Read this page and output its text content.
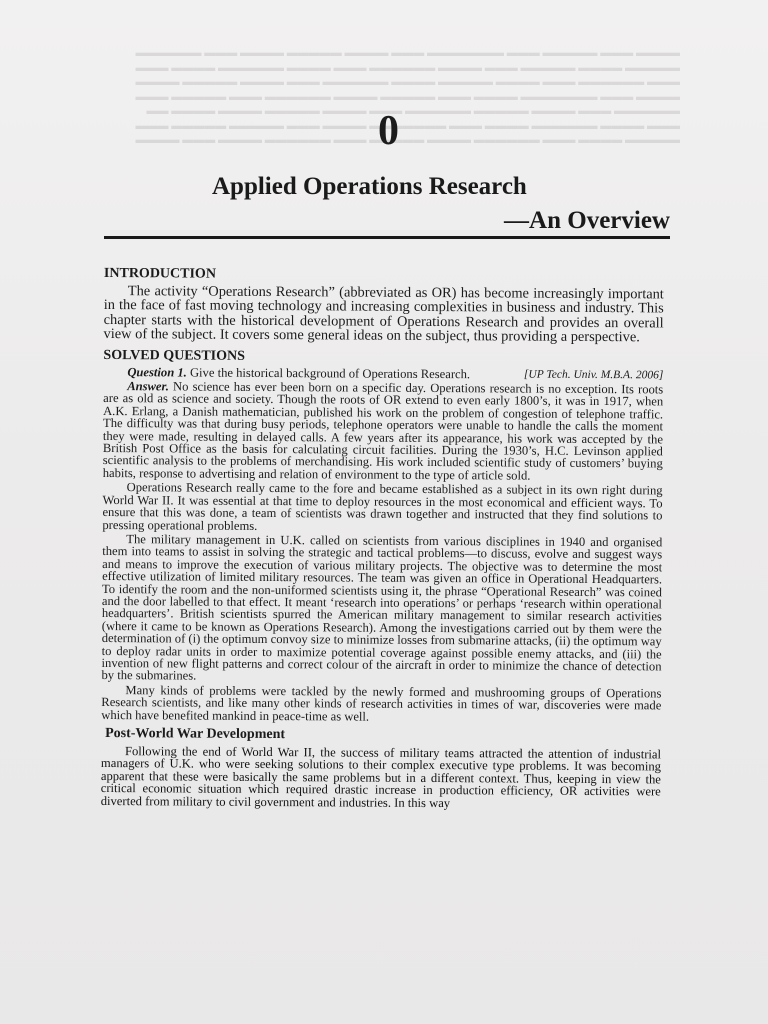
▬▬▬▬ ▬▬▬ ▬▬▬▬▬ ▬▬▬ ▬▬▬▬▬▬▬ ▬▬▬ ▬▬▬▬ ▬▬▬▬▬ ▬▬▬▬ ▬▬▬ ▬▬▬▬▬▬
▬▬▬▬▬ ▬▬▬▬ ▬▬▬▬▬ ▬▬▬ ▬▬▬▬ ▬▬▬▬▬▬ ▬▬▬ ▬▬▬▬ ▬▬▬▬▬▬ ▬▬▬▬ ▬▬▬
▬▬▬ ▬▬▬▬▬▬ ▬▬▬ ▬▬▬▬ ▬▬▬▬▬ ▬▬▬▬ ▬▬▬▬▬▬ ▬▬▬ ▬▬▬▬ ▬▬▬▬▬ ▬▬▬▬
▬▬▬▬ ▬▬▬ ▬▬▬▬▬▬▬ ▬▬▬▬ ▬▬▬ ▬▬▬▬▬ ▬▬▬▬ ▬▬▬▬▬▬ ▬▬▬ ▬▬▬▬▬ ▬▬▬
▬▬▬▬▬▬ ▬▬▬ ▬▬▬▬ ▬▬▬▬▬ ▬▬▬▬▬▬ ▬▬▬ ▬▬▬▬ ▬▬▬▬▬ ▬▬▬▬ ▬▬▬▬ ▬▬
▬▬▬ ▬▬▬▬ ▬▬▬▬▬▬ ▬▬▬▬ ▬▬▬ ▬▬▬▬▬▬▬ ▬▬▬▬ ▬▬▬ ▬▬▬▬▬ ▬▬▬▬▬ ▬▬▬
▬▬▬▬▬ ▬▬▬▬ ▬▬▬ ▬▬▬▬▬▬ ▬▬▬▬ ▬▬▬▬▬ ▬▬▬ ▬▬▬▬▬▬ ▬▬▬▬ ▬▬▬ ▬▬▬▬
0
Applied Operations Research
—An Overview
INTRODUCTION

The activity “Operations Research” (abbreviated as OR) has become increasingly important in the face of fast moving technology and increasing complexities in business and industry. This chapter starts with the historical development of Operations Research and provides an overall view of the subject. It covers some general ideas on the subject, thus providing a perspective.

SOLVED QUESTIONS

Question 1. Give the historical background of Operations Research.	[UP Tech. Univ. M.B.A. 2006]

Answer. No science has ever been born on a specific day. Operations research is no exception. Its roots are as old as science and society. Though the roots of OR extend to even early 1800’s, it was in 1917, when A.K. Erlang, a Danish mathematician, published his work on the problem of congestion of telephone traffic. The difficulty was that during busy periods, telephone operators were unable to handle the calls the moment they were made, resulting in delayed calls. A few years after its appearance, his work was accepted by the British Post Office as the basis for calculating circuit facilities. During the 1930’s, H.C. Levinson applied scientific analysis to the problems of merchandising. His work included scientific study of customers’ buying habits, response to advertising and relation of environment to the type of article sold.

Operations Research really came to the fore and became established as a subject in its own right during World War II. It was essential at that time to deploy resources in the most economical and efficient ways. To ensure that this was done, a team of scientists was drawn together and instructed that they find solutions to pressing operational problems.

The military management in U.K. called on scientists from various disciplines in 1940 and organised them into teams to assist in solving the strategic and tactical problems—to discuss, evolve and suggest ways and means to improve the execution of various military projects. The objective was to determine the most effective utilization of limited military resources. The team was given an office in Operational Headquarters. To identify the room and the non-uniformed scientists using it, the phrase “Operational Research” was coined and the door labelled to that effect. It meant ‘research into operations’ or perhaps ‘research within operational headquarters’. British scientists spurred the American military management to similar research activities (where it came to be known as Operations Research). Among the investigations carried out by them were the determination of (i) the optimum convoy size to minimize losses from submarine attacks, (ii) the optimum way to deploy radar units in order to maximize potential coverage against possible enemy attacks, and (iii) the invention of new flight patterns and correct colour of the aircraft in order to minimize the chance of detection by the submarines.

Many kinds of problems were tackled by the newly formed and mushrooming groups of Operations Research scientists, and like many other kinds of research activities in times of war, discoveries were made which have benefited mankind in peace-time as well.

Post-World War Development

Following the end of World War II, the success of military teams attracted the attention of industrial managers of U.K. who were seeking solutions to their complex executive type problems. It was becoming apparent that these were basically the same problems but in a different context. Thus, keeping in view the critical economic situation which required drastic increase in production efficiency, OR activities were diverted from military to civil government and industries. In this way
